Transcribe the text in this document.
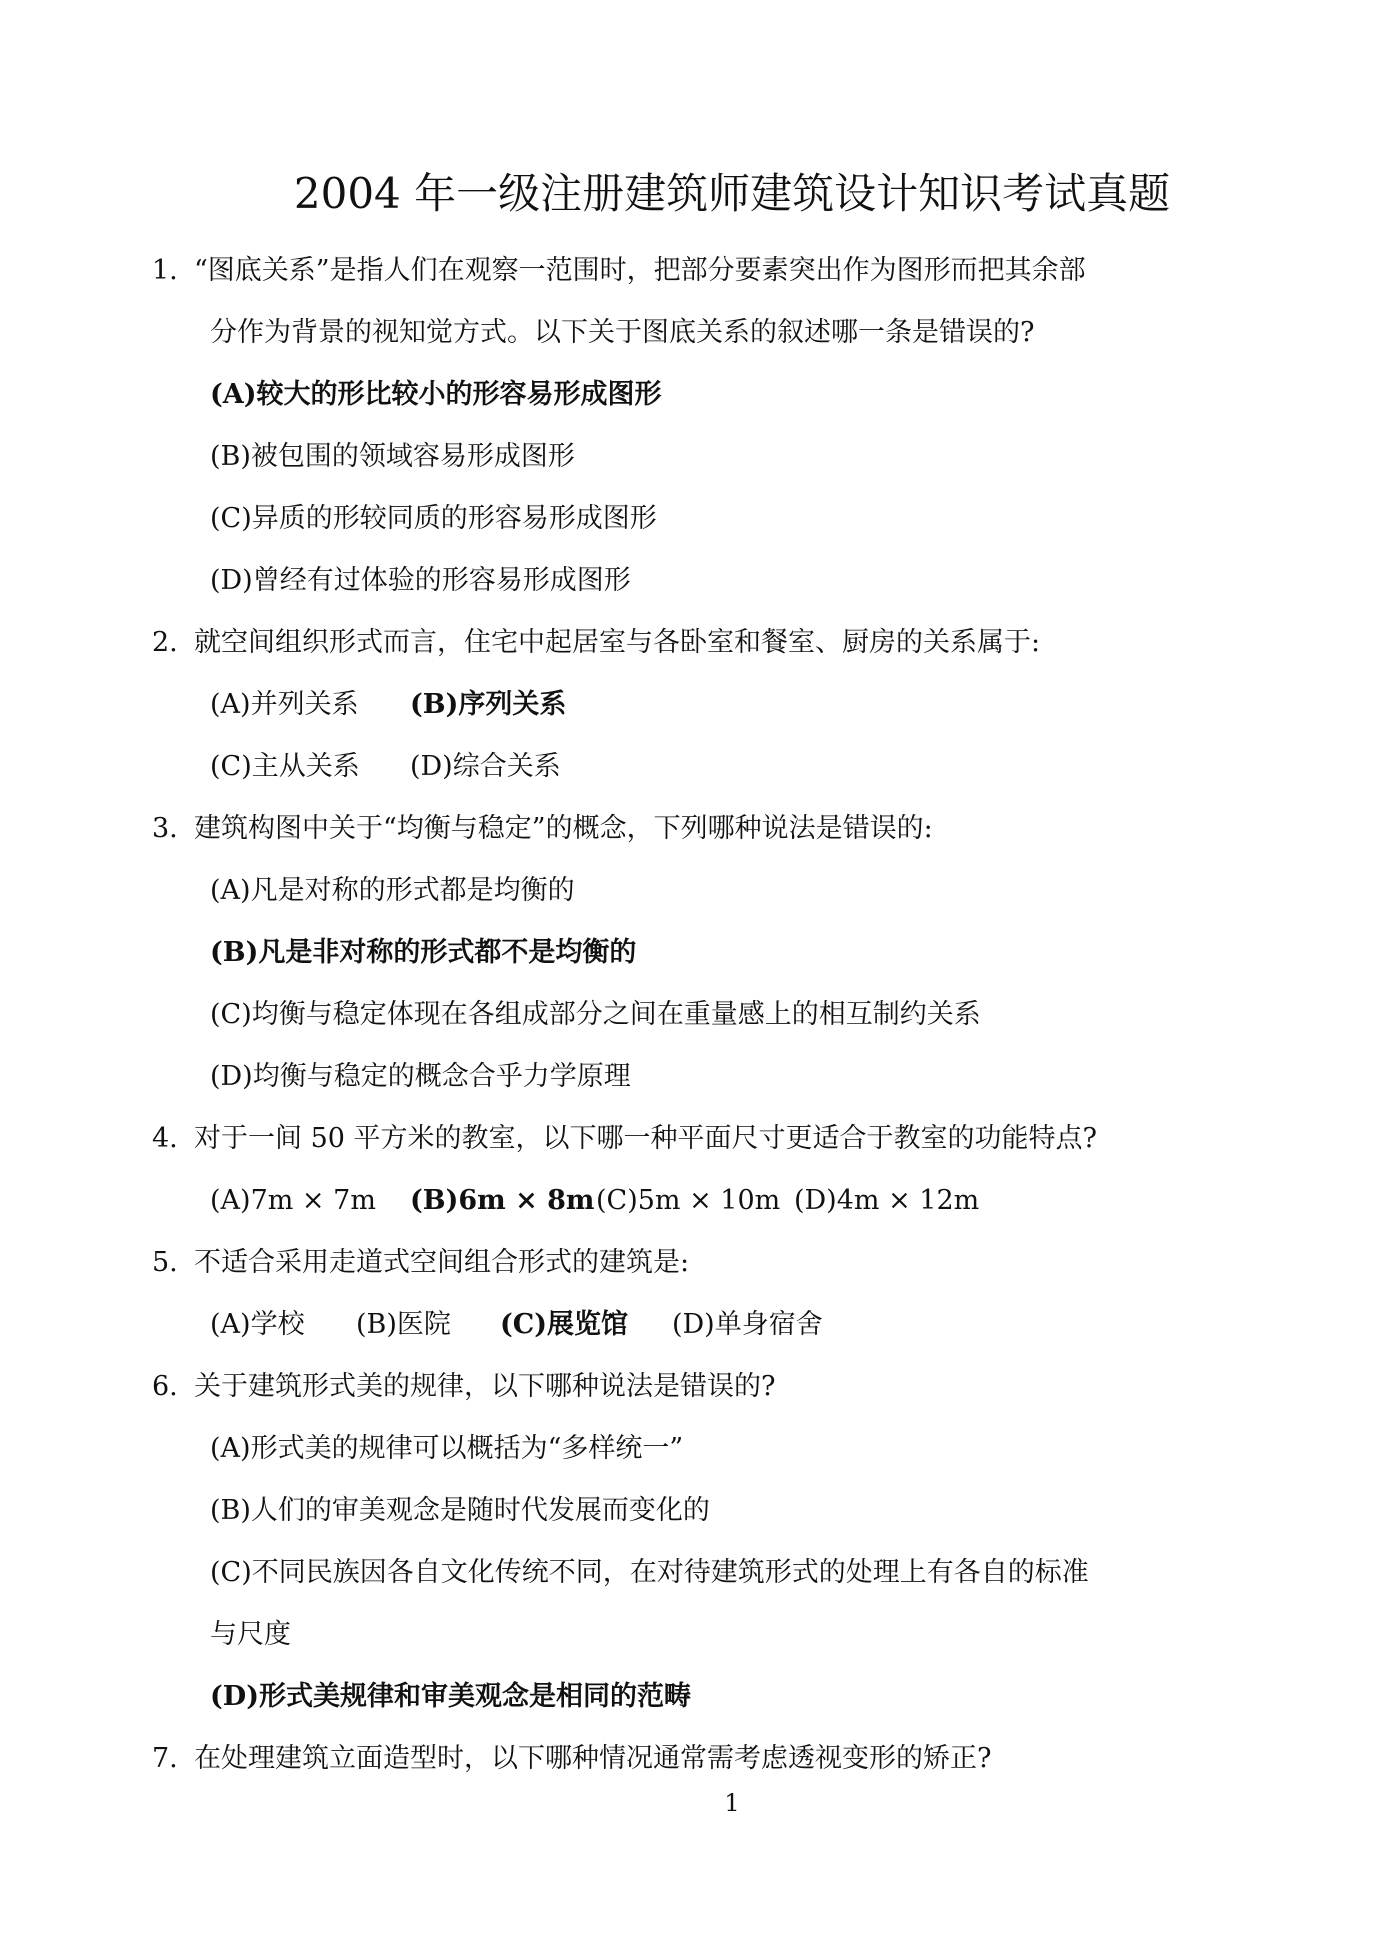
2004 年一级注册建筑师建筑设计知识考试真题
1. “图底关系”是指人们在观察一范围时，把部分要素突出作为图形而把其余部
分作为背景的视知觉方式。以下关于图底关系的叙述哪一条是错误的?
(A)较大的形比较小的形容易形成图形
(B)被包围的领域容易形成图形
(C)异质的形较同质的形容易形成图形
(D)曾经有过体验的形容易形成图形
2. 就空间组织形式而言，住宅中起居室与各卧室和餐室、厨房的关系属于:
(A)并列关系 (B)序列关系
(C)主从关系 (D)综合关系
3. 建筑构图中关于“均衡与稳定”的概念，下列哪种说法是错误的:
(A)凡是对称的形式都是均衡的
(B)凡是非对称的形式都不是均衡的
(C)均衡与稳定体现在各组成部分之间在重量感上的相互制约关系
(D)均衡与稳定的概念合乎力学原理
4. 对于一间 50 平方米的教室，以下哪一种平面尺寸更适合于教室的功能特点?
(A)7m × 7m (B)6m × 8m(C)5m × 10m (D)4m × 12m
5. 不适合采用走道式空间组合形式的建筑是:
(A)学校 (B)医院 (C)展览馆 (D)单身宿舍
6. 关于建筑形式美的规律，以下哪种说法是错误的?
(A)形式美的规律可以概括为“多样统一”
(B)人们的审美观念是随时代发展而变化的
(C)不同民族因各自文化传统不同，在对待建筑形式的处理上有各自的标准
与尺度
(D)形式美规律和审美观念是相同的范畴
7. 在处理建筑立面造型时，以下哪种情况通常需考虑透视变形的矫正?
1
